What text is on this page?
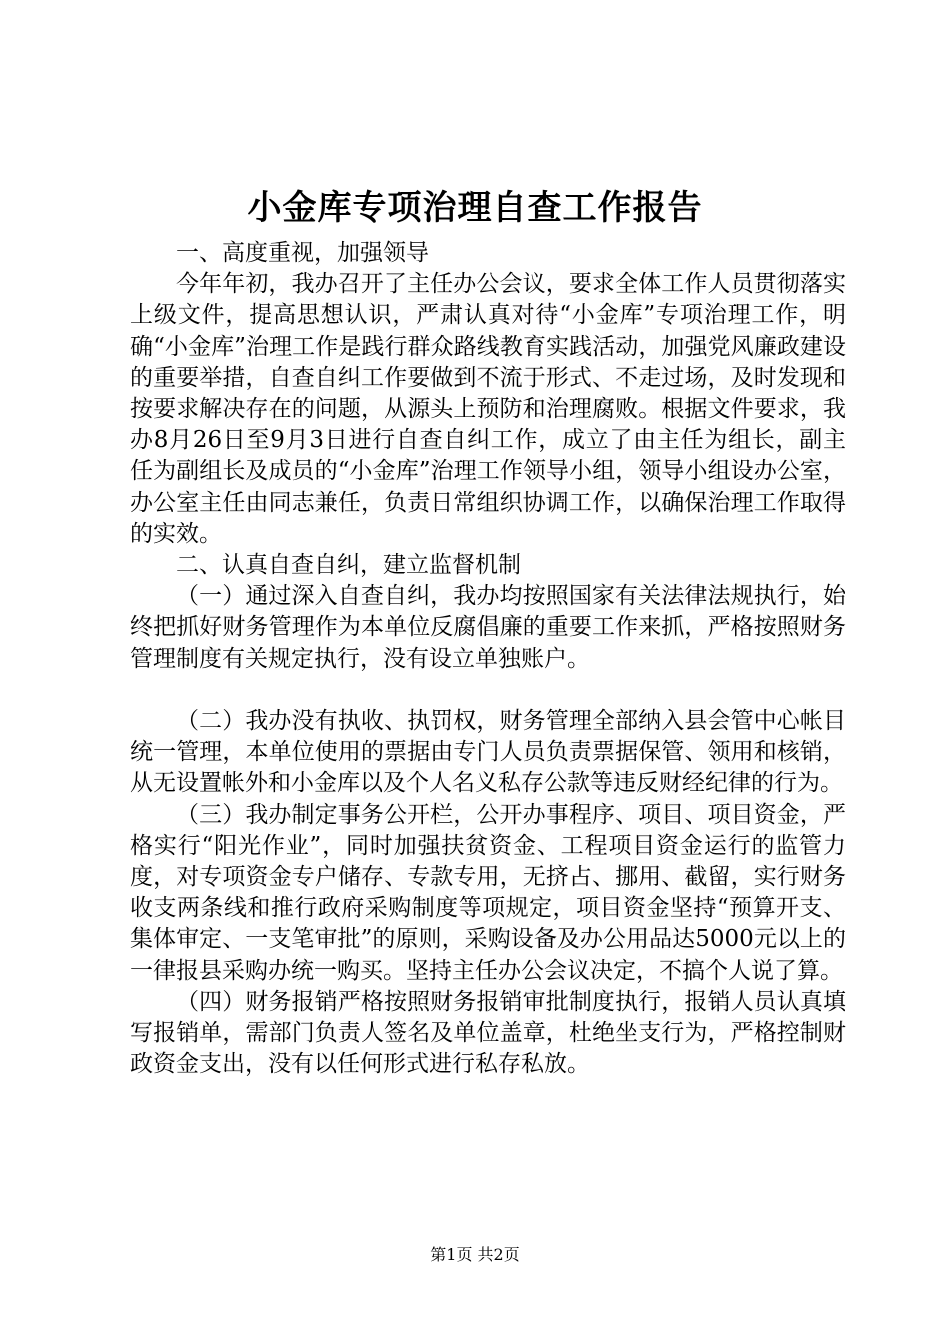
小金库专项治理自查工作报告

一、高度重视，加强领导

今年年初，我办召开了主任办公会议，要求全体工作人员贯彻落实上级文件，提高思想认识，严肃认真对待“小金库”专项治理工作，明确“小金库”治理工作是践行群众路线教育实践活动，加强党风廉政建设的重要举措，自查自纠工作要做到不流于形式、不走过场，及时发现和按要求解决存在的问题，从源头上预防和治理腐败。根据文件要求，我办8月26日至9月3日进行自查自纠工作，成立了由主任为组长，副主任为副组长及成员的“小金库”治理工作领导小组，领导小组设办公室，办公室主任由同志兼任，负责日常组织协调工作，以确保治理工作取得的实效。

二、认真自查自纠，建立监督机制

（一）通过深入自查自纠，我办均按照国家有关法律法规执行，始终把抓好财务管理作为本单位反腐倡廉的重要工作来抓，严格按照财务管理制度有关规定执行，没有设立单独账户。

（二）我办没有执收、执罚权，财务管理全部纳入县会管中心帐目统一管理，本单位使用的票据由专门人员负责票据保管、领用和核销，从无设置帐外和小金库以及个人名义私存公款等违反财经纪律的行为。

（三）我办制定事务公开栏，公开办事程序、项目、项目资金，严格实行“阳光作业”，同时加强扶贫资金、工程项目资金运行的监管力度，对专项资金专户储存、专款专用，无挤占、挪用、截留，实行财务收支两条线和推行政府采购制度等项规定，项目资金坚持“预算开支、集体审定、一支笔审批”的原则，采购设备及办公用品达5000元以上的一律报县采购办统一购买。坚持主任办公会议决定，不搞个人说了算。

（四）财务报销严格按照财务报销审批制度执行，报销人员认真填写报销单，需部门负责人签名及单位盖章，杜绝坐支行为，严格控制财政资金支出，没有以任何形式进行私存私放。

第1页 共2页
